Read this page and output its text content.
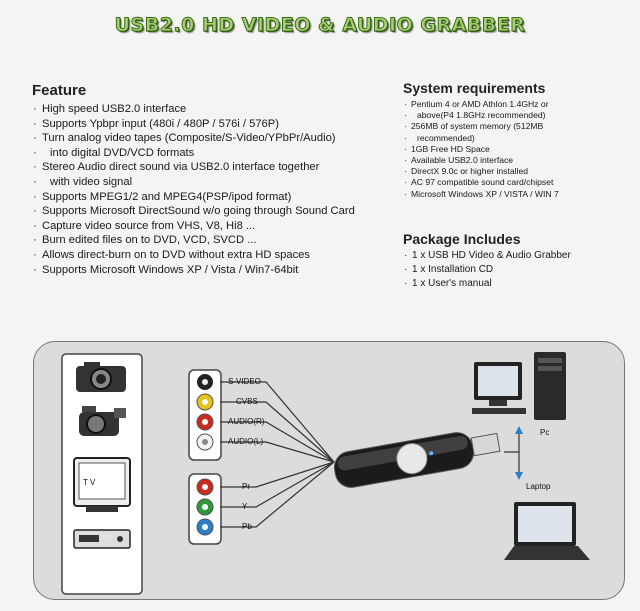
USB2.0 HD VIDEO & AUDIO GRABBER
Feature
· High speed USB2.0 interface
· Supports Ypbpr input (480i / 480P / 576i / 576P)
· Turn analog video tapes (Composite/S-Video/YPbPr/Audio)
· into digital DVD/VCD formats
· Stereo Audio direct sound via USB2.0 interface together
· with video signal
· Supports MPEG1/2 and MPEG4(PSP/ipod format)
· Supports Microsoft DirectSound w/o going through Sound Card
· Capture video source from VHS, V8, Hi8 ...
· Burn edited files on to DVD, VCD, SVCD ...
· Allows direct-burn on to DVD without extra HD spaces
· Supports Microsoft Windows XP / Vista / Win7-64bit
System requirements
· Pentium 4 or AMD Athlon 1.4GHz or
· above(P4 1.8GHz recommended)
· 256MB of system memory (512MB
· recommended)
· 1GB Free HD Space
· Available USB2.0 interface
· DirectX 9.0c or higher installed
· AC 97 compatible sound card/chipset
· Microsoft Windows XP / VISTA / WIN 7
Package Includes
· 1 x USB HD Video & Audio Grabber
· 1 x Installation CD
· 1 x User's manual
T V
DVD
S-VIDEO
CVBS
AUDIO(R)
AUDIO(L)
Pr
Y
Pb
Pc
Laptop
